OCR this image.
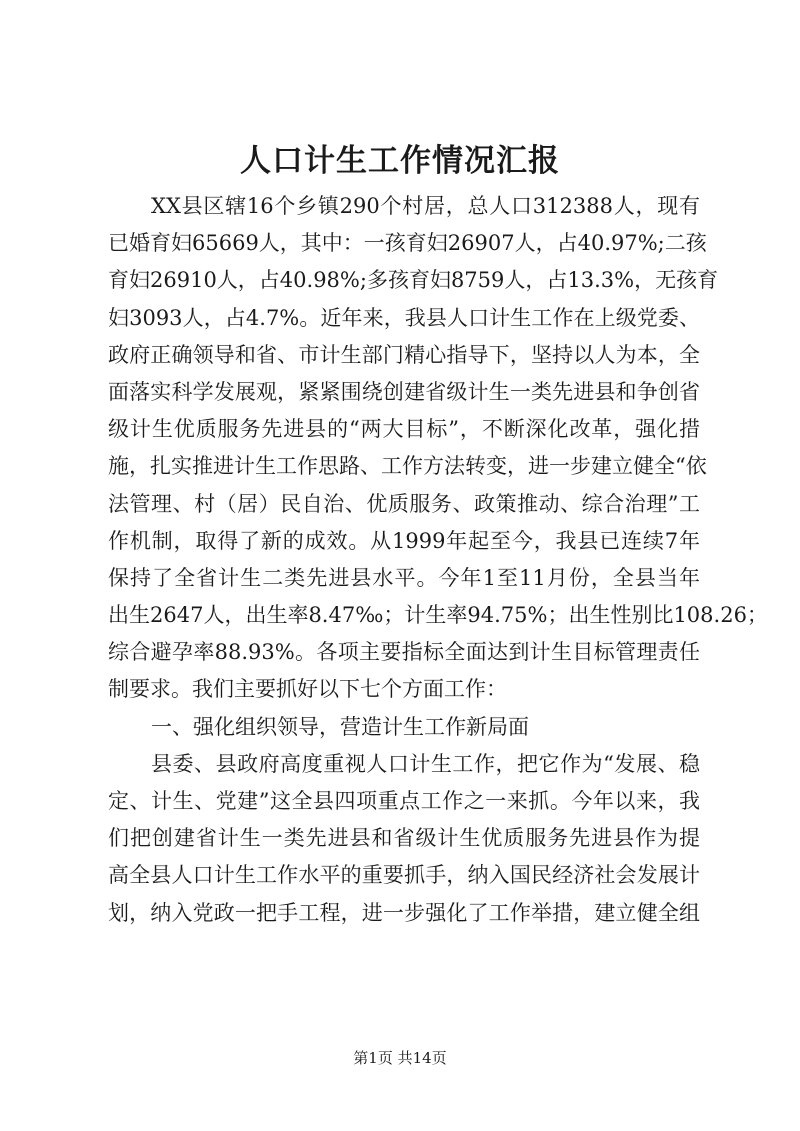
人口计生工作情况汇报
XX县区辖16个乡镇290个村居，总人口312388人，现有
已婚育妇65669人，其中：一孩育妇26907人，占40.97%;二孩
育妇26910人，占40.98%;多孩育妇8759人，占13.3%，无孩育
妇3093人，占4.7%。近年来，我县人口计生工作在上级党委、
政府正确领导和省、市计生部门精心指导下，坚持以人为本，全
面落实科学发展观，紧紧围绕创建省级计生一类先进县和争创省
级计生优质服务先进县的“两大目标”，不断深化改革，强化措
施，扎实推进计生工作思路、工作方法转变，进一步建立健全“依
法管理、村（居）民自治、优质服务、政策推动、综合治理”工
作机制，取得了新的成效。从1999年起至今，我县已连续7年
保持了全省计生二类先进县水平。今年1至11月份，全县当年
出生2647人，出生率8.47‰；计生率94.75%；出生性别比108.26；
综合避孕率88.93%。各项主要指标全面达到计生目标管理责任
制要求。我们主要抓好以下七个方面工作：
一、强化组织领导，营造计生工作新局面
县委、县政府高度重视人口计生工作，把它作为“发展、稳
定、计生、党建”这全县四项重点工作之一来抓。今年以来，我
们把创建省计生一类先进县和省级计生优质服务先进县作为提
高全县人口计生工作水平的重要抓手，纳入国民经济社会发展计
划，纳入党政一把手工程，进一步强化了工作举措，建立健全组
第1页 共14页
